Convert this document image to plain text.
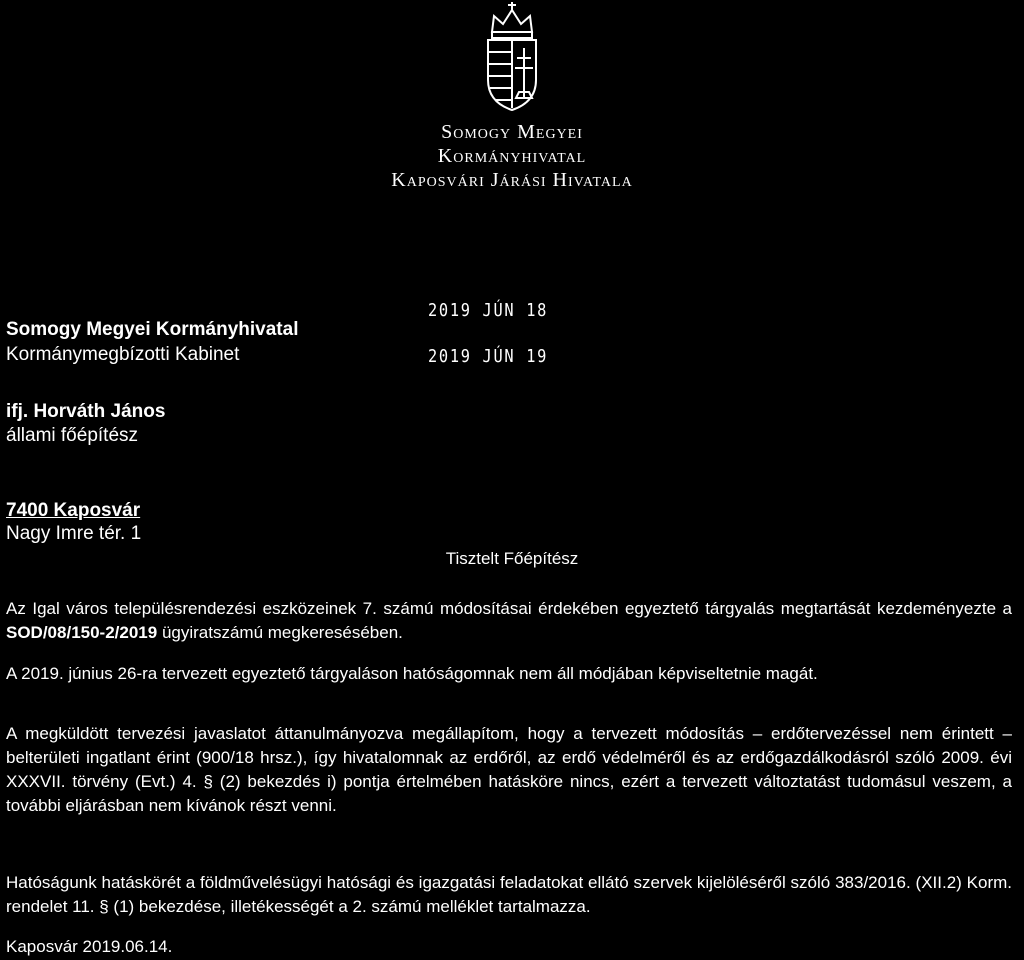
Somogy Megyei
Kormányhivatal
Kaposvári Járási Hivatala
2019 JÚN 18
2019 JÚN 19
Somogy Megyei Kormányhivatal
Kormánymegbízotti Kabinet
ifj. Horváth János
állami főépítész
7400 Kaposvár
Nagy Imre tér. 1
Tisztelt Főépítész

Az Igal város településrendezési eszközeinek 7. számú módosításai érdekében egyeztető tárgyalás megtartását kezdeményezte a SOD/08/150-2/2019 ügyiratszámú megkeresésében.

A 2019. június 26-ra tervezett egyeztető tárgyaláson hatóságomnak nem áll módjában képviseltetnie magát.

A megküldött tervezési javaslatot áttanulmányozva megállapítom, hogy a tervezett módosítás – erdőtervezéssel nem érintett – belterületi ingatlant érint (900/18 hrsz.), így hivatalomnak az erdőről, az erdő védelméről és az erdőgazdálkodásról szóló 2009. évi XXXVII. törvény (Evt.) 4. § (2) bekezdés i) pontja értelmében hatásköre nincs, ezért a tervezett változtatást tudomásul veszem, a további eljárásban nem kívánok részt venni.

Hatóságunk hatáskörét a földművelésügyi hatósági és igazgatási feladatokat ellátó szervek kijelöléséről szóló 383/2016. (XII.2) Korm. rendelet 11. § (1) bekezdése, illetékességét a 2. számú melléklet tartalmazza.

Kaposvár 2019.06.14.
